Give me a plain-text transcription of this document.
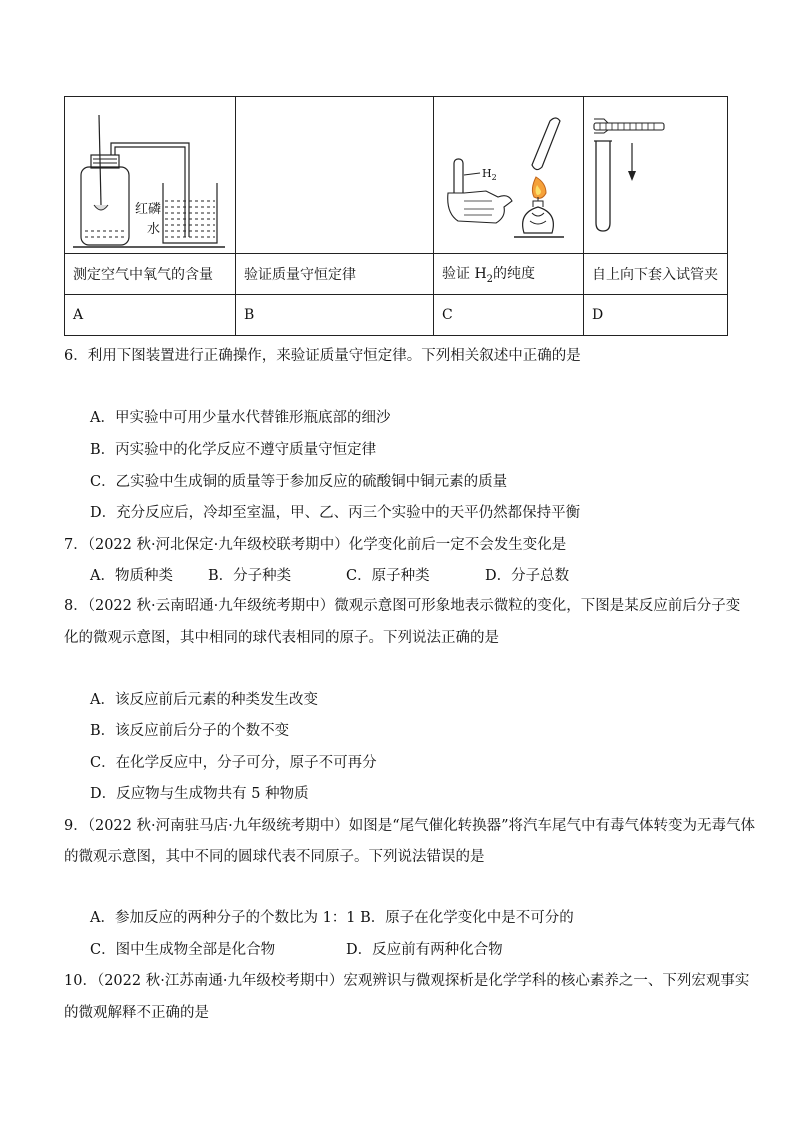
红磷
水		$H_2$

测定空气中氧气的含量	验证质量守恒定律	验证 $H_2$的纯度	自上向下套入试管夹
A	B	C	D
6．利用下图装置进行正确操作，来验证质量守恒定律。下列相关叙述中正确的是
A．甲实验中可用少量水代替锥形瓶底部的细沙
B．丙实验中的化学反应不遵守质量守恒定律
C．乙实验中生成铜的质量等于参加反应的硫酸铜中铜元素的质量
D．充分反应后，冷却至室温，甲、乙、丙三个实验中的天平仍然都保持平衡
7．（2022 秋·河北保定·九年级校联考期中）化学变化前后一定不会发生变化是
A．物质种类 B．分子种类	C．原子种类	D．分子总数
8．（2022 秋·云南昭通·九年级统考期中）微观示意图可形象地表示微粒的变化，下图是某反应前后分子变
化的微观示意图，其中相同的球代表相同的原子。下列说法正确的是
A．该反应前后元素的种类发生改变
B．该反应前后分子的个数不变
C．在化学反应中，分子可分，原子不可再分
D．反应物与生成物共有 5 种物质
9．（2022 秋·河南驻马店·九年级统考期中）如图是“尾气催化转换器”将汽车尾气中有毒气体转变为无毒气体
的微观示意图，其中不同的圆球代表不同原子。下列说法错误的是
A．参加反应的两种分子的个数比为 1：1 B．原子在化学变化中是不可分的
C．图中生成物全部是化合物	D．反应前有两种化合物
10．（2022 秋·江苏南通·九年级校考期中）宏观辨识与微观探析是化学学科的核心素养之一、下列宏观事实
的微观解释不正确的是
